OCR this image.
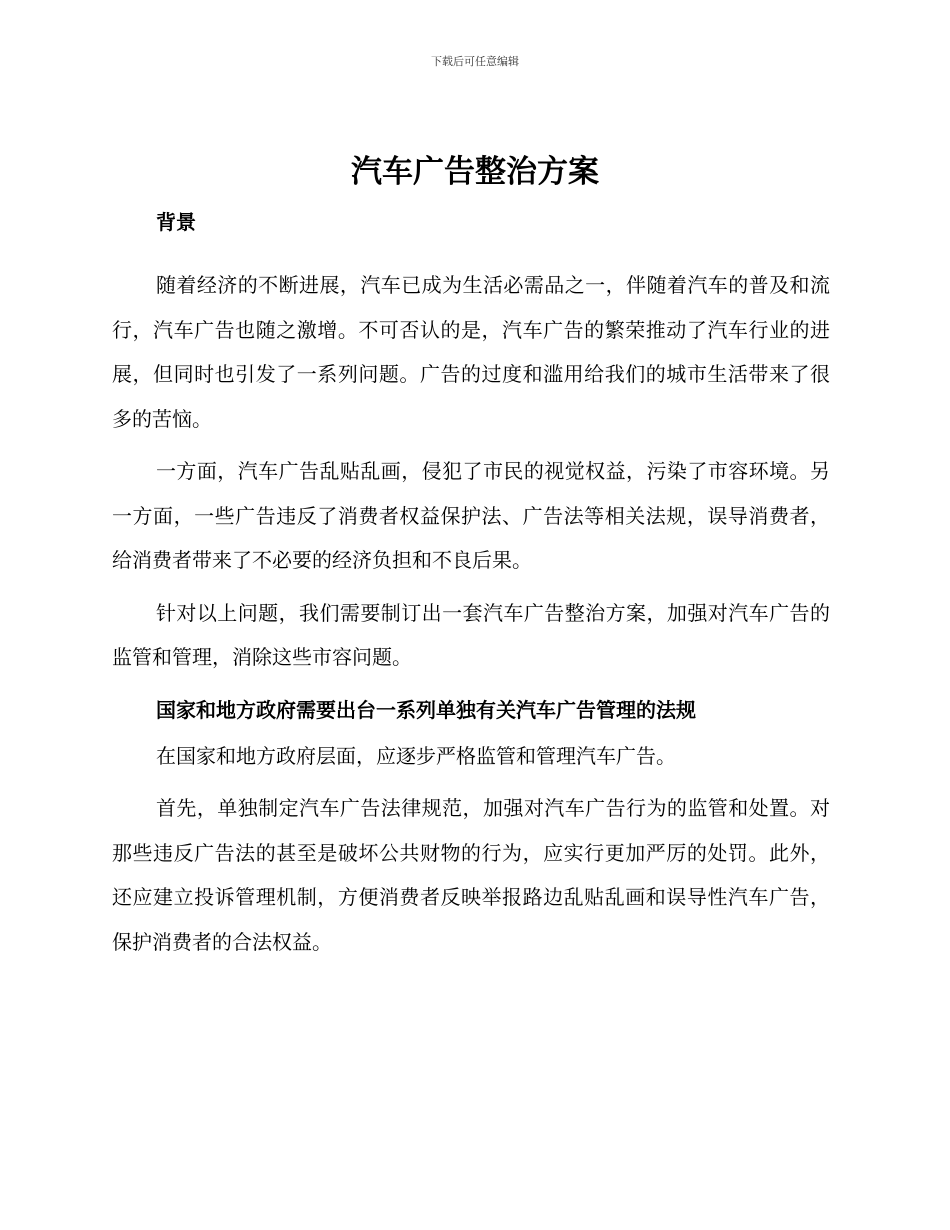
下载后可任意编辑
汽车广告整治方案
背景

随着经济的不断进展，汽车已成为生活必需品之一，伴随着汽车的普及和流行，汽车广告也随之激增。不可否认的是，汽车广告的繁荣推动了汽车行业的进展，但同时也引发了一系列问题。广告的过度和滥用给我们的城市生活带来了很多的苦恼。

一方面，汽车广告乱贴乱画，侵犯了市民的视觉权益，污染了市容环境。另一方面，一些广告违反了消费者权益保护法、广告法等相关法规，误导消费者，给消费者带来了不必要的经济负担和不良后果。

针对以上问题，我们需要制订出一套汽车广告整治方案，加强对汽车广告的监管和管理，消除这些市容问题。

国家和地方政府需要出台一系列单独有关汽车广告管理的法规

在国家和地方政府层面，应逐步严格监管和管理汽车广告。

首先，单独制定汽车广告法律规范，加强对汽车广告行为的监管和处置。对那些违反广告法的甚至是破坏公共财物的行为，应实行更加严厉的处罚。此外，还应建立投诉管理机制，方便消费者反映举报路边乱贴乱画和误导性汽车广告，保护消费者的合法权益。
